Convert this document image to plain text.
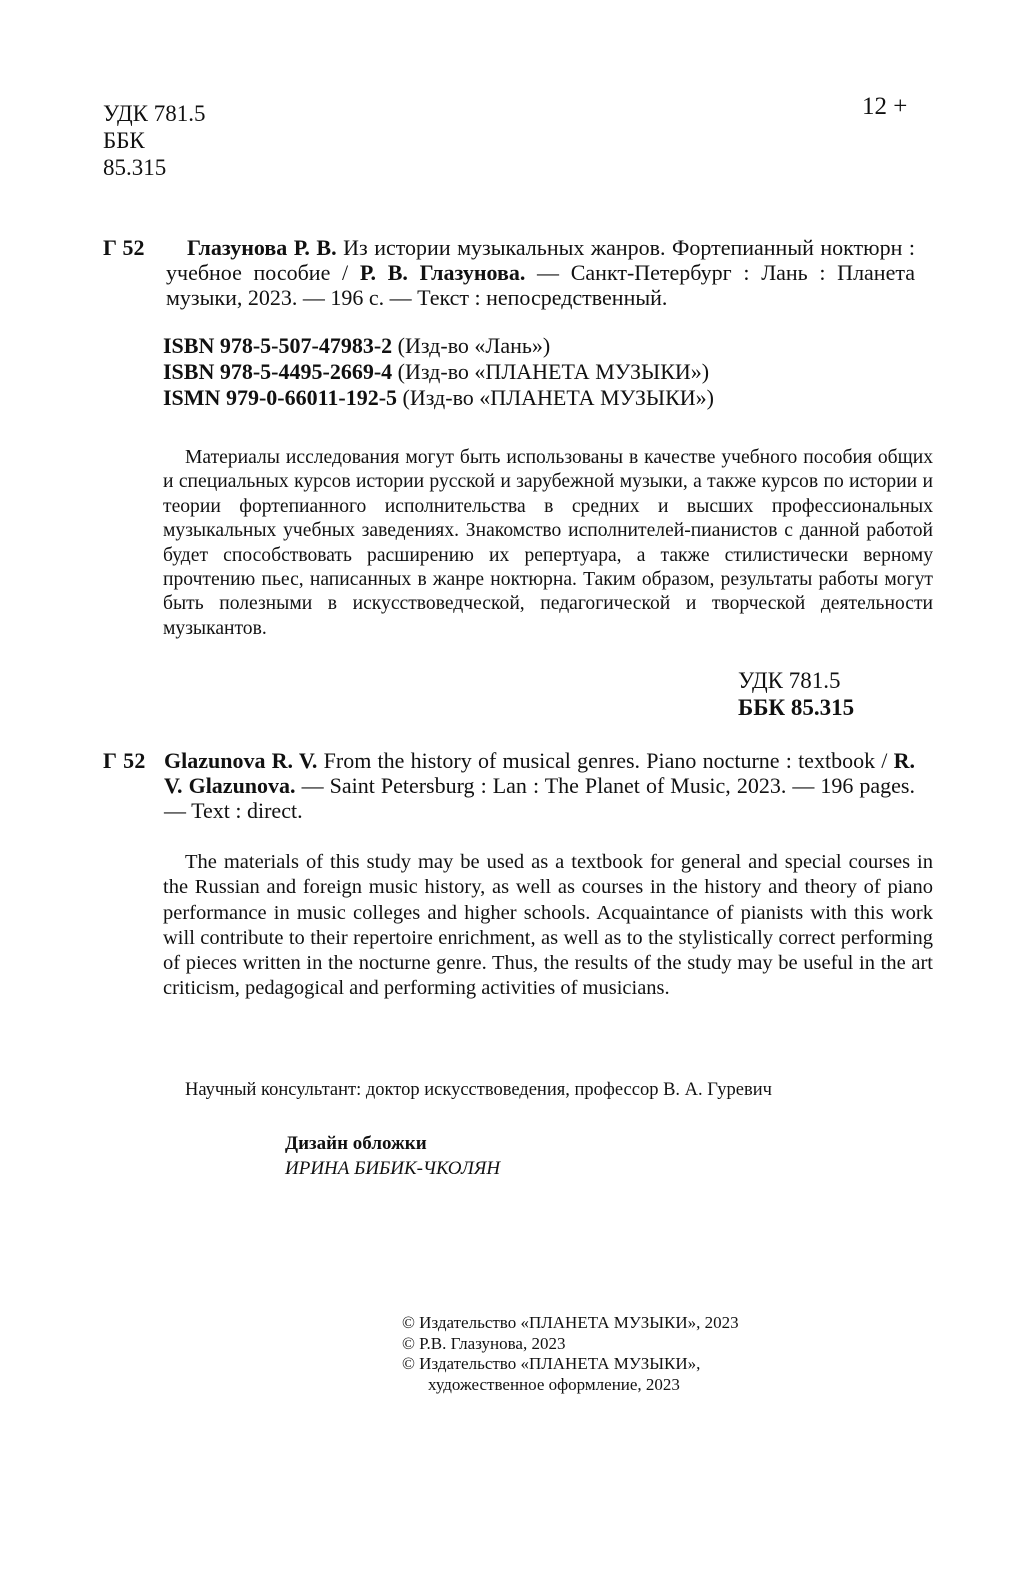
УДК 781.5
ББК
85.315
12 +
Г 52	Глазунова Р. В. Из истории музыкальных жанров. Фортепианный ноктюрн : учебное пособие / Р. В. Глазунова. — Санкт-Петербург : Лань : Планета музыки, 2023. — 196 с. — Текст : непосредственный.
ISBN 978-5-507-47983-2 (Изд-во «Лань»)
ISBN 978-5-4495-2669-4 (Изд-во «ПЛАНЕТА МУЗЫКИ»)
ISMN 979-0-66011-192-5 (Изд-во «ПЛАНЕТА МУЗЫКИ»)

Материалы исследования могут быть использованы в качестве учебного пособия общих и специальных курсов истории русской и зарубежной музыки, а также курсов по истории и теории фортепианного исполнительства в средних и высших профессиональных музыкальных учебных заведениях. Знакомство исполнителей-пианистов с данной работой будет способствовать расширению их репертуара, а также стилистически верному прочтению пьес, написанных в жанре ноктюрна. Таким образом, результаты работы могут быть полезными в искусствоведческой, педагогической и творческой деятельности музыкантов.

УДК 781.5
ББК 85.315
Г 52 Glazunova R. V. From the history of musical genres. Piano nocturne : textbook / R. V. Glazunova. — Saint Petersburg : Lan : The Planet of Music, 2023. — 196 pages. — Text : direct.

The materials of this study may be used as a textbook for general and special courses in the Russian and foreign music history, as well as courses in the history and theory of piano performance in music colleges and higher schools. Acquaintance of pianists with this work will contribute to their repertoire enrichment, as well as to the stylistically correct performing of pieces written in the nocturne genre. Thus, the results of the study may be useful in the art criticism, pedagogical and performing activities of musicians.

Научный консультант: доктор искусствоведения, профессор В. А. Гуревич
Дизайн обложки
ИРИНА БИБИК-ЧКОЛЯН
© Издательство «ПЛАНЕТА МУЗЫКИ», 2023
© Р.В. Глазунова, 2023
© Издательство «ПЛАНЕТА МУЗЫКИ»,
художественное оформление, 2023
